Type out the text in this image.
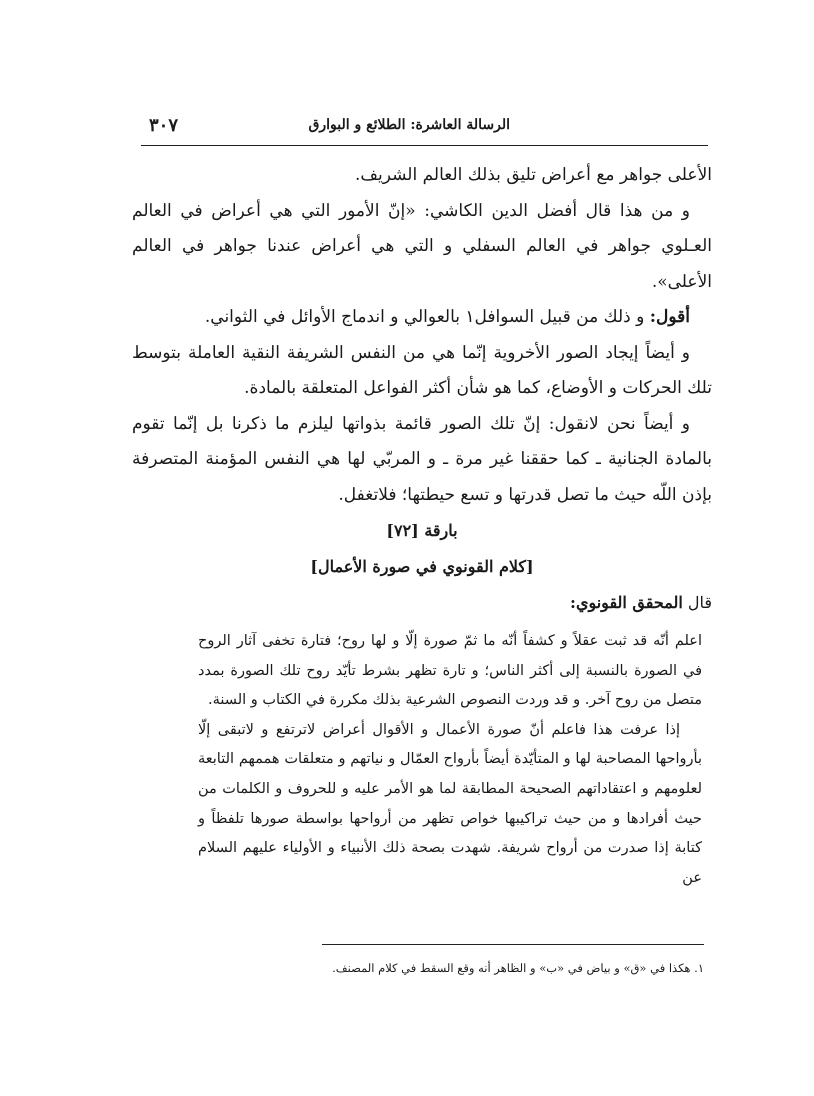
الرسالة العاشرة: الطلائع و البوارق
۳۰۷

الأعلى جواهر مع أعراض تليق بذلك العالم الشريف.

و من هذا قال أفضل الدين الكاشي: «إنّ الأمور التي هي أعراض في العالم العـلوي جواهر في العالم السفلي و التي هي أعراض عندنا جواهر في العالم الأعلى».

أقول: و ذلك من قبيل السوافل١ بالعوالي و اندماج الأوائل في الثواني.

و أيضاً إيجاد الصور الأخروية إنّما هي من النفس الشريفة النقية العاملة بتوسط تلك الحركات و الأوضاع، كما هو شأن أكثر الفواعل المتعلقة بالمادة.

و أيضاً نحن لانقول: إنّ تلك الصور قائمة بذواتها ليلزم ما ذكرنا بل إنّما تقوم بالمادة الجنانية ـ كما حققنا غير مرة ـ و المربّي لها هي النفس المؤمنة المتصرفة بإذن اللّه حيث ما تصل قدرتها و تسع حيطتها؛ فلاتغفل.

بارقة [۷۲]
[كلام القونوي في صورة الأعمال]
قال المحقق القونوي:

اعلم أنّه قد ثبت عقلاً و كشفاً أنّه ما ثمّ صورة إلّا و لها روح؛ فتارة تخفى آثار الروح في الصورة بالنسبة إلى أكثر الناس؛ و تارة تظهر بشرط تأيّد روح تلك الصورة بمدد متصل من روح آخر. و قد وردت النصوص الشرعية بذلك مكررة في الكتاب و السنة.

إذا عرفت هذا فاعلم أنّ صورة الأعمال و الأقوال أعراض لاترتفع و لاتبقى إلّا بأرواحها المصاحبة لها و المتأيّدة أيضاً بأرواح العمّال و نياتهم و متعلقات هممهم التابعة لعلومهم و اعتقاداتهم الصحيحة المطابقة لما هو الأمر عليه و للحروف و الكلمات من حيث أفرادها و من حيث تراكيبها خواص تظهر من أرواحها بواسطة صورها تلفظاً و كتابة إذا صدرت من أرواح شريفة. شهدت بصحة ذلك الأنبياء و الأولياء عليهم السلام عن

۱. هكذا في «ق» و بياض في «ب» و الظاهر أنه وقع السقط في كلام المصنف.
